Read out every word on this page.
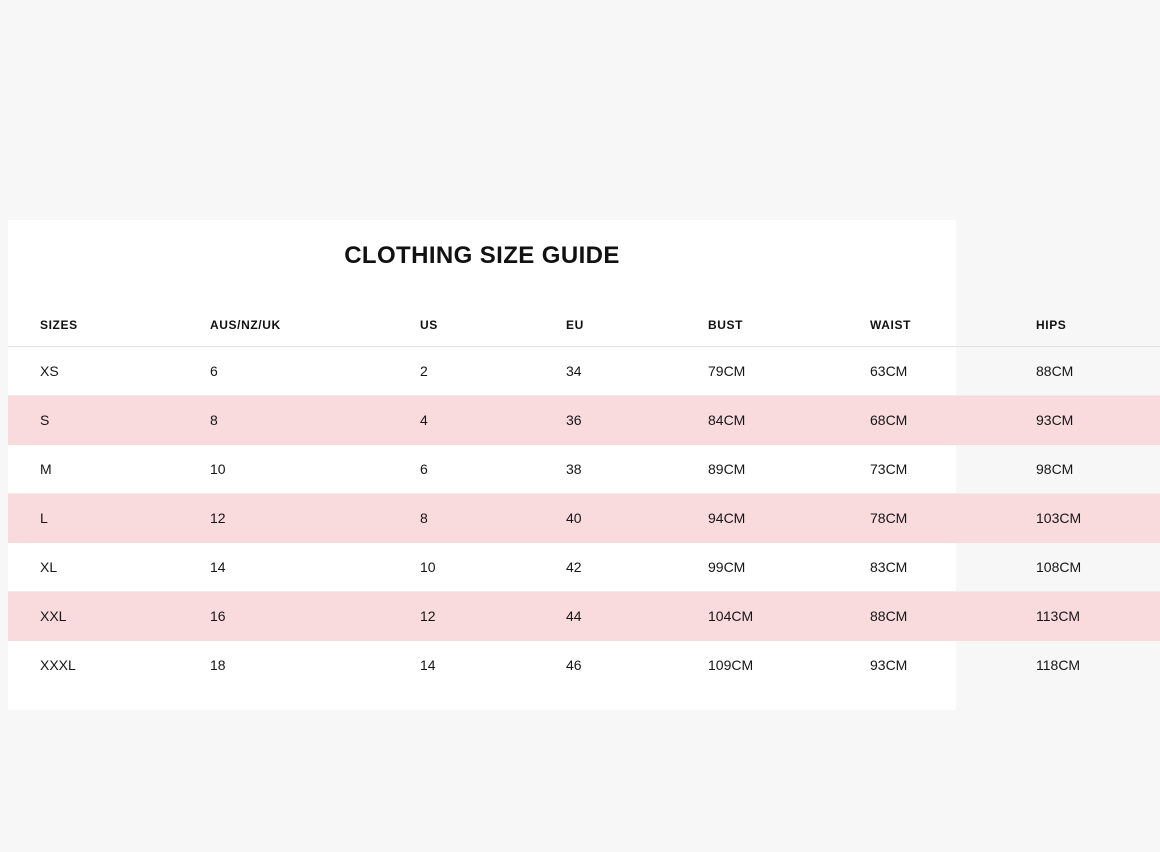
CLOTHING SIZE GUIDE
SIZES	AUS/NZ/UK	US	EU	BUST	WAIST	HIPS
XS	6	2	34	79CM	63CM	88CM
S	8	4	36	84CM	68CM	93CM
M	10	6	38	89CM	73CM	98CM
L	12	8	40	94CM	78CM	103CM
XL	14	10	42	99CM	83CM	108CM
XXL	16	12	44	104CM	88CM	113CM
XXXL	18	14	46	109CM	93CM	118CM
